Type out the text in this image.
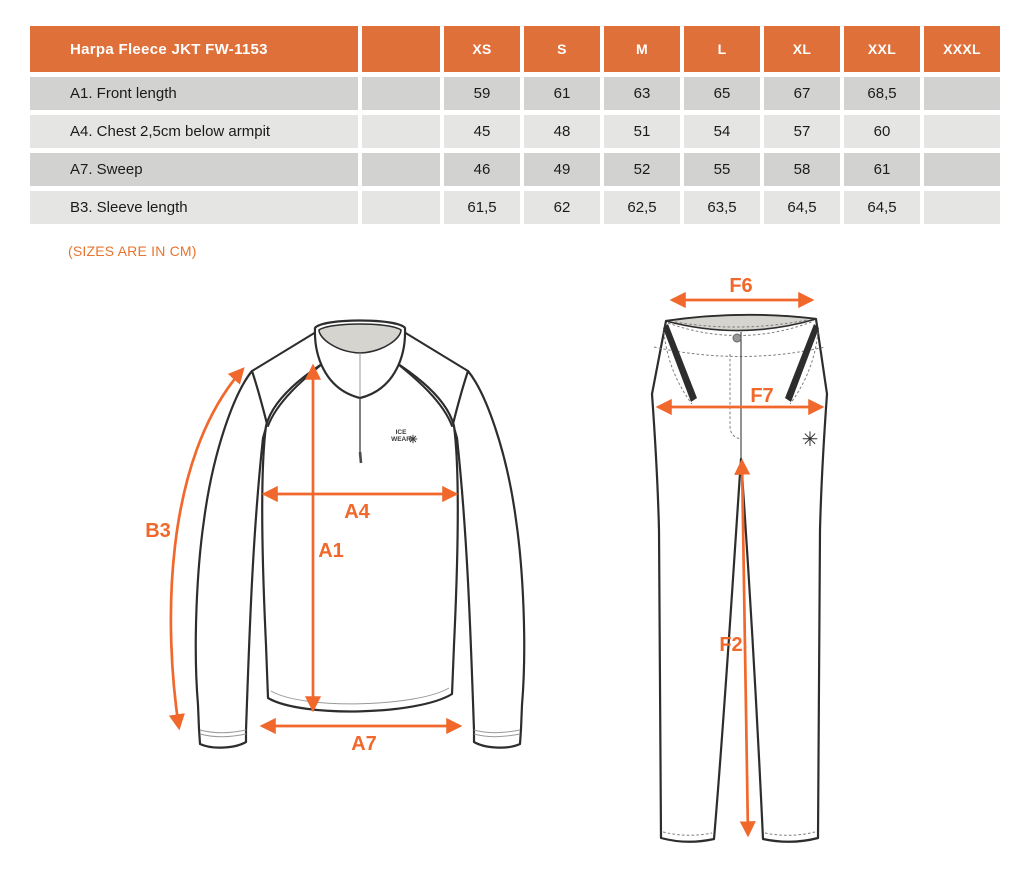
Harpa Fleece JKT FW-1153	XS	S	M	L	XL	XXL	XXXL
A1. Front length	59	61	63	65	67	68,5
A4. Chest 2,5cm below armpit	45	48	51	54	57	60
A7. Sweep	46	49	52	55	58	61
B3. Sleeve length	61,5	62	62,5	63,5	64,5	64,5
(SIZES ARE IN CM)
ICE
WEAR
✳
B3
A4
A1
A7
✳
F6
F7
F2
